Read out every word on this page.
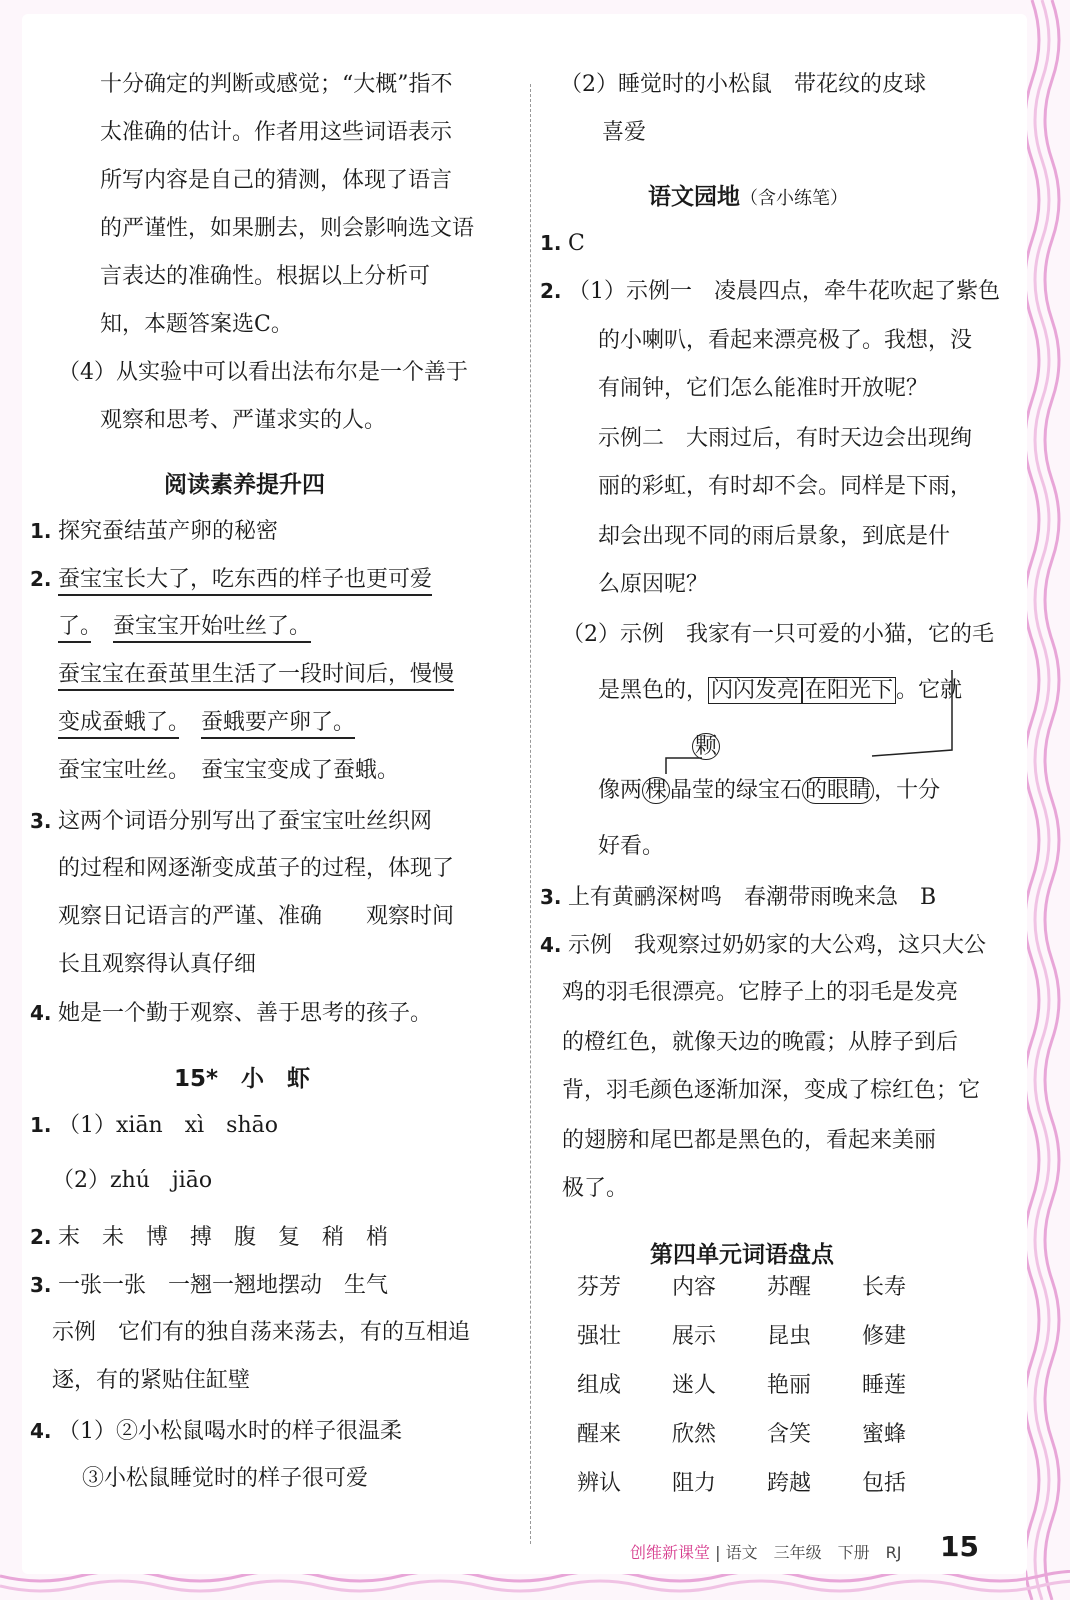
十分确定的判断或感觉；“大概”指不
太准确的估计。作者用这些词语表示
所写内容是自己的猜测，体现了语言
的严谨性，如果删去，则会影响选文语
言表达的准确性。根据以上分析可
知，本题答案选C。
（4）从实验中可以看出法布尔是一个善于
观察和思考、严谨求实的人。
阅读素养提升四
1. 探究蚕结茧产卵的秘密
2. 蚕宝宝长大了，吃东西的样子也更可爱
了。　 蚕宝宝开始吐丝了。
蚕宝宝在蚕茧里生活了一段时间后，慢慢
变成蚕蛾了。　 蚕蛾要产卵了。
蚕宝宝吐丝。　蚕宝宝变成了蚕蛾。
3. 这两个词语分别写出了蚕宝宝吐丝织网
的过程和网逐渐变成茧子的过程，体现了
观察日记语言的严谨、准确　　观察时间
长且观察得认真仔细
4. 她是一个勤于观察、善于思考的孩子。
15*　小　虾
1. （1）xiān　xì　shāo
（2）zhú　jiāo
2. 末　未　博　搏　腹　复　稍　梢
3. 一张一张　一翘一翘地摆动　生气
示例　它们有的独自荡来荡去，有的互相追
逐，有的紧贴住缸壁
4. （1）②小松鼠喝水时的样子很温柔
③小松鼠睡觉时的样子很可爱
（2）睡觉时的小松鼠　带花纹的皮球
喜爱
语文园地（含小练笔）
1. C
2. （1）示例一　凌晨四点，牵牛花吹起了紫色
的小喇叭，看起来漂亮极了。我想，没
有闹钟，它们怎么能准时开放呢？
示例二　大雨过后，有时天边会出现绚
丽的彩虹，有时却不会。同样是下雨，
却会出现不同的雨后景象，到底是什
么原因呢？
（2）示例　我家有一只可爱的小猫，它的毛
是黑色的， 闪闪发亮 在阳光下 。它就
颗
像两 棵 晶莹的绿宝石 的眼睛 ，十分
好看。
3. 上有黄鹂深树鸣　春潮带雨晚来急　B
4. 示例　我观察过奶奶家的大公鸡，这只大公
鸡的羽毛很漂亮。它脖子上的羽毛是发亮
的橙红色，就像天边的晚霞；从脖子到后
背，羽毛颜色逐渐加深，变成了棕红色；它
的翅膀和尾巴都是黑色的，看起来美丽
极了。
第四单元词语盘点
芬芳	内容	苏醒	长寿
强壮	展示	昆虫	修建
组成	迷人	艳丽	睡莲
醒来	欣然	含笑	蜜蜂
辨认	阻力	跨越	包括
创维新课堂 | 语文　三年级　下册　RJ 15
